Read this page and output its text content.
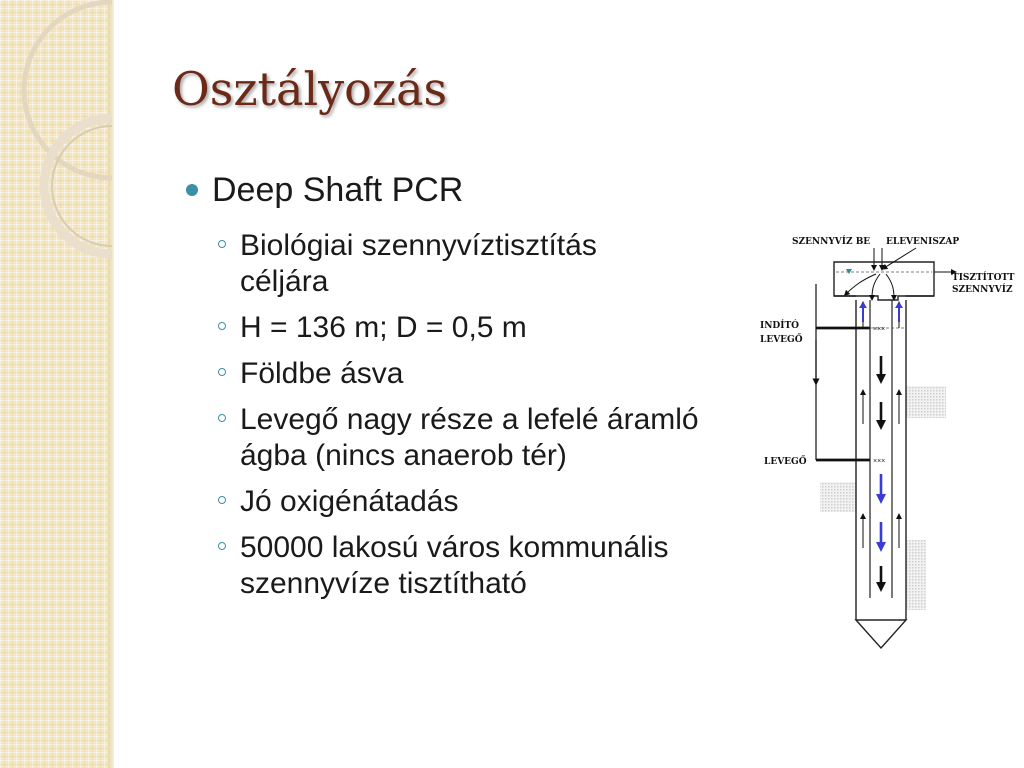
Osztályozás
Deep Shaft PCR
Biológiai szennyvíztisztítás céljára
H = 136 m; D = 0,5 m
Földbe ásva
Levegő nagy része a lefelé áramló ágba (nincs anaerob tér)
Jó oxigénátadás
50000 lakosú város kommunális szennyvíze tisztítható
SZENNYVÍZ BE ELEVENISZAP
TISZTÍTOTT
SZENNYVÍZ
INDÍTÓ
LEVEGŐ
×××
LEVEGŐ	×××
